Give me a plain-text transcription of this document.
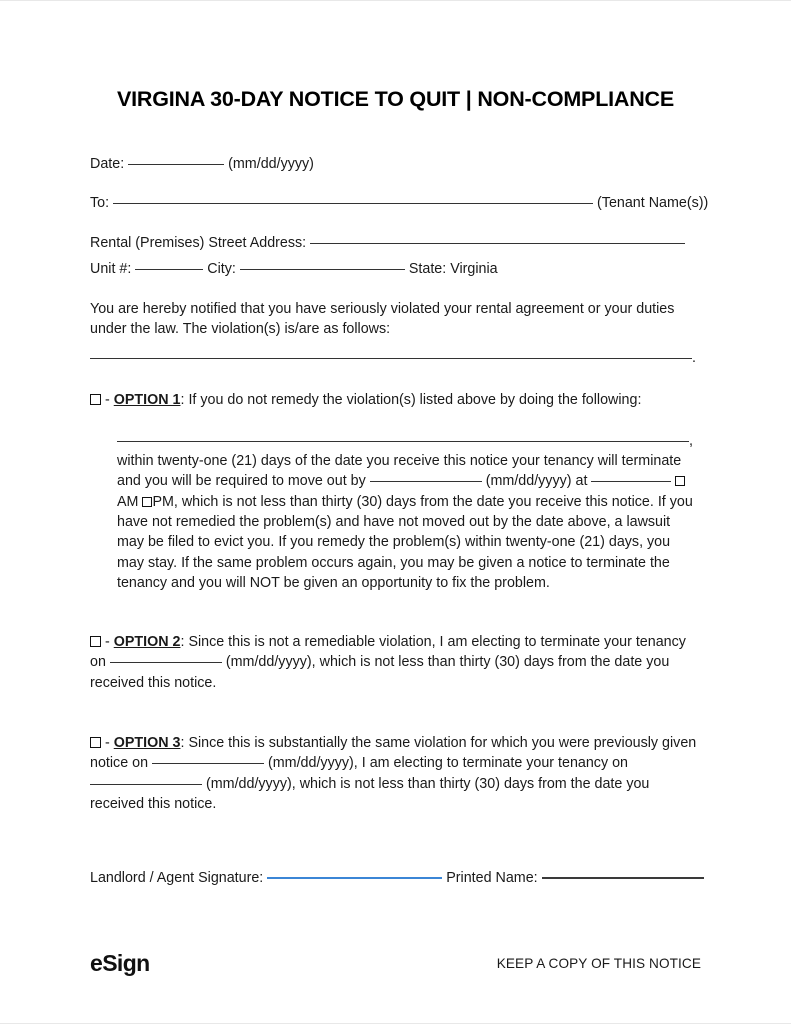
VIRGINA 30-DAY NOTICE TO QUIT | NON-COMPLIANCE
Date:	(mm/dd/yyyy)
To:	(Tenant Name(s))
Rental (Premises) Street Address:
Unit #:	City:	State: Virginia
You are hereby notified that you have seriously violated your rental agreement or your duties under the law. The violation(s) is/are as follows:
.
- OPTION 1: If you do not remedy the violation(s) listed above by doing the following:
,
within twenty-one (21) days of the date you receive this notice your tenancy will terminate and you will be required to move out by	(mm/dd/yyyy) at  AM PM, which is not less than thirty (30) days from the date you receive this notice. If you have not remedied the problem(s) and have not moved out by the date above, a lawsuit may be filed to evict you. If you remedy the problem(s) within twenty-one (21) days, you may stay. If the same problem occurs again, you may be given a notice to terminate the tenancy and you will NOT be given an opportunity to fix the problem.
- OPTION 2: Since this is not a remediable violation, I am electing to terminate your tenancy on	(mm/dd/yyyy), which is not less than thirty (30) days from the date you received this notice.
- OPTION 3: Since this is substantially the same violation for which you were previously given notice on	(mm/dd/yyyy), I am electing to terminate your tenancy on  (mm/dd/yyyy), which is not less than thirty (30) days from the date you received this notice.
Landlord / Agent Signature:	Printed Name:
eSign	KEEP A COPY OF THIS NOTICE
